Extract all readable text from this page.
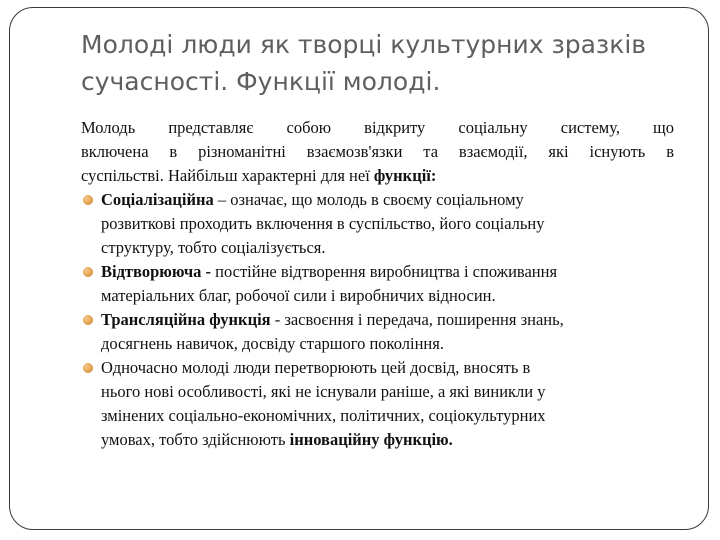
Молоді люди як творці культурних зразків
сучасності. Функції молоді.

Молодь представляє собою відкриту соціальну систему, що
включена в різноманітні взаємозв'язки та взаємодії, які існують в
суспільстві. Найбільш характерні для неї функції:

Соціалізаційна – означає, що молодь в своєму соціальному
розвиткові проходить включення в суспільство, його соціальну
структуру, тобто соціалізується.
Відтворююча - постійне відтворення виробництва і споживання
матеріальних благ, робочої сили і виробничих відносин.
Трансляційна функція - засвоєння і передача, поширення знань,
досягнень навичок, досвіду старшого покоління.
Одночасно молоді люди перетворюють цей досвід, вносять в
нього нові особливості, які не існували раніше, а які виникли у
змінених соціально-економічних, політичних, соціокультурних
умовах, тобто здійснюють інноваційну функцію.
